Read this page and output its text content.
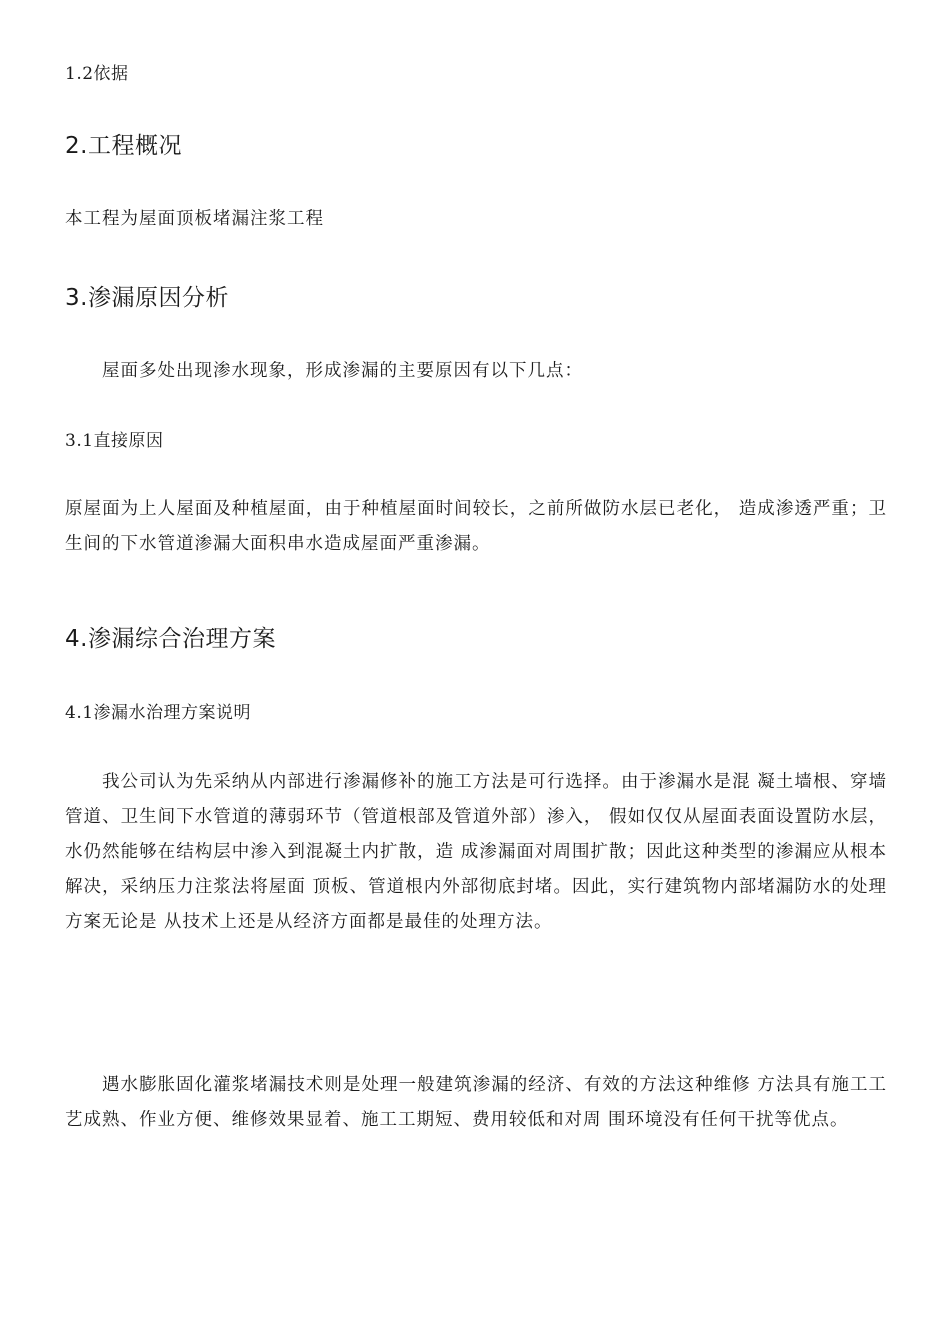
1.2依据

2.工程概况

本工程为屋面顶板堵漏注浆工程

3.渗漏原因分析

屋面多处出现渗水现象，形成渗漏的主要原因有以下几点：

3.1直接原因

原屋面为上人屋面及种植屋面，由于种植屋面时间较长，之前所做防水层已老化， 造成渗透严重；卫生间的下水管道渗漏大面积串水造成屋面严重渗漏。

4.渗漏综合治理方案

4.1渗漏水治理方案说明

我公司认为先采纳从内部进行渗漏修补的施工方法是可行选择。由于渗漏水是混 凝土墙根、穿墙管道、卫生间下水管道的薄弱环节（管道根部及管道外部）渗入， 假如仅仅从屋面表面设置防水层，水仍然能够在结构层中渗入到混凝土内扩散，造 成渗漏面对周围扩散；因此这种类型的渗漏应从根本解决，采纳压力注浆法将屋面 顶板、管道根内外部彻底封堵。因此，实行建筑物内部堵漏防水的处理方案无论是 从技术上还是从经济方面都是最佳的处理方法。

遇水膨胀固化灌浆堵漏技术则是处理一般建筑渗漏的经济、有效的方法这种维修 方法具有施工工艺成熟、作业方便、维修效果显着、施工工期短、费用较低和对周 围环境没有任何干扰等优点。
